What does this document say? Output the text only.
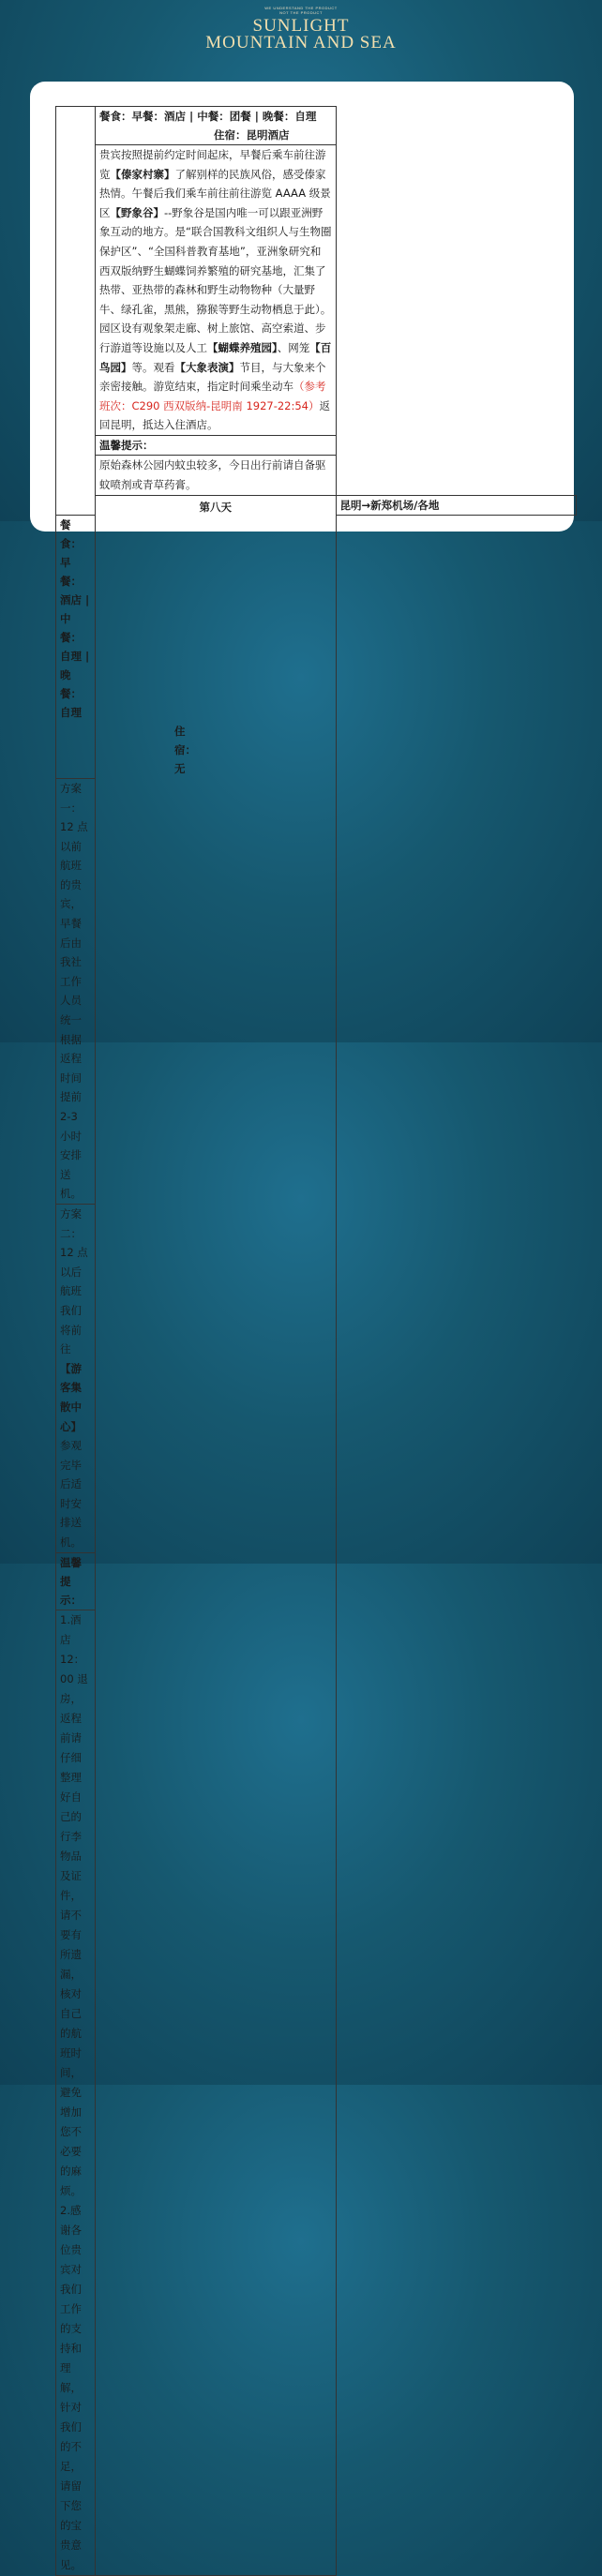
WE UNDERSTAND THE PRODUCT
NOT THE PRODUCT
SUNLIGHT
MOUNTAIN AND SEA
	餐食：早餐：酒店 | 中餐：团餐 | 晚餐：自理住宿：昆明酒店	
	贵宾按照提前约定时间起床，早餐后乘车前往游览【傣家村寨】了解别样的民族风俗，感受傣家热情。午餐后我们乘车前往前往游览 AAAA 级景区【野象谷】--野象谷是国内唯一可以跟亚洲野象互动的地方。是“联合国教科文组织人与生物圈保护区”、“全国科普教育基地”，亚洲象研究和西双版纳野生蝴蝶饲养繁殖的研究基地，汇集了热带、亚热带的森林和野生动物物种（大量野牛、绿孔雀，黑熊，猕猴等野生动物栖息于此）。园区设有观象架走廊、树上旅馆、高空索道、步行游道等设施以及人工【蝴蝶养殖园】、网笼【百鸟园】等。观看【大象表演】节目，与大象来个亲密接触。游览结束，指定时间乘坐动车（参考班次：C290 西双版纳-昆明南 1927-22:54）返回昆明，抵达入住酒店。	
	温馨提示：	
	原始森林公园内蚊虫较多，今日出行前请自备驱蚊喷剂或青草药膏。	
	第八天	昆明→新郑机场/各地
餐食：早餐：酒店 | 中餐：自理 | 晚餐：自理住宿：无		
方案一：12 点以前航班的贵宾，早餐后由我社工作人员统一根据返程时间提前 2-3 小时安排送机。		
方案二：12 点以后航班我们将前往【游客集散中心】参观完毕后适时安排送机。		
温馨提示：		

1.酒店 12：00 退房，返程前请仔细整理好自己的行李物品及证件，请不要有所遗漏，核对自己的航班时间，避免增加您不必要的麻烦。
2.感谢各位贵宾对我们工作的支持和理解，针对我们的不足，请留下您的宝贵意见。		
